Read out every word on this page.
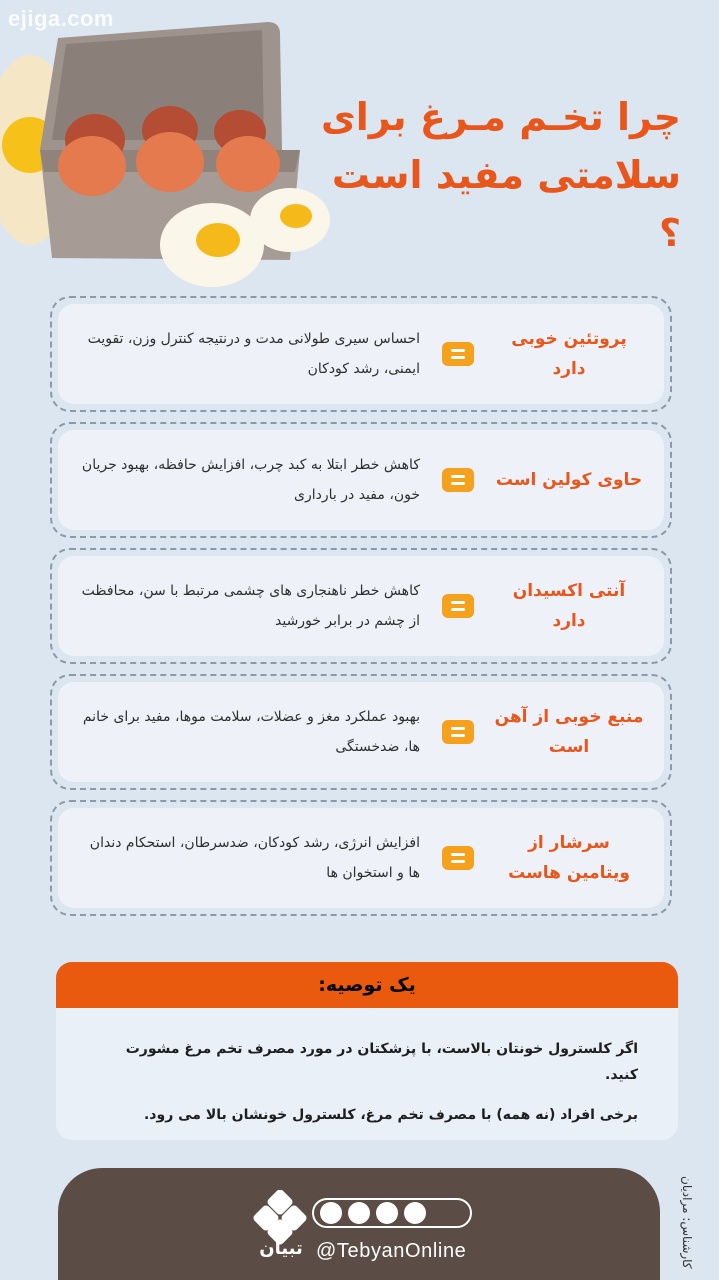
ejiga.com
چرا تخـم مـرغ برای
سلامتی مفید است ؟
پروتئین خوبی دارد
احساس سیری طولانی مدت و درنتیجه کنترل وزن، تقویت ایمنی، رشد کودکان
حاوی کولین است
کاهش خطر ابتلا به کبد چرب، افزایش حافظه، بهبود جریان خون، مفید در بارداری
آنتی اکسیدان دارد
کاهش خطر ناهنجاری های چشمی مرتبط با سن، محافظت از چشم در برابر خورشید
منبع خوبی از آهن است
بهبود عملکرد مغز و عضلات، سلامت موها، مفید برای خانم ها، ضدخستگی
سرشار از ویتامین هاست
افزایش انرژی، رشد کودکان، ضدسرطان، استحکام دندان ها و استخوان ها
یک توصیه:
اگر کلسترول خونتان بالاست، با پزشکتان در مورد مصرف تخم مرغ مشورت کنید.
برخی افراد (نه همه) با مصرف تخم مرغ، کلسترول خونشان بالا می رود.
تبیان @TebyanOnline	کارشناس: مرادیان
